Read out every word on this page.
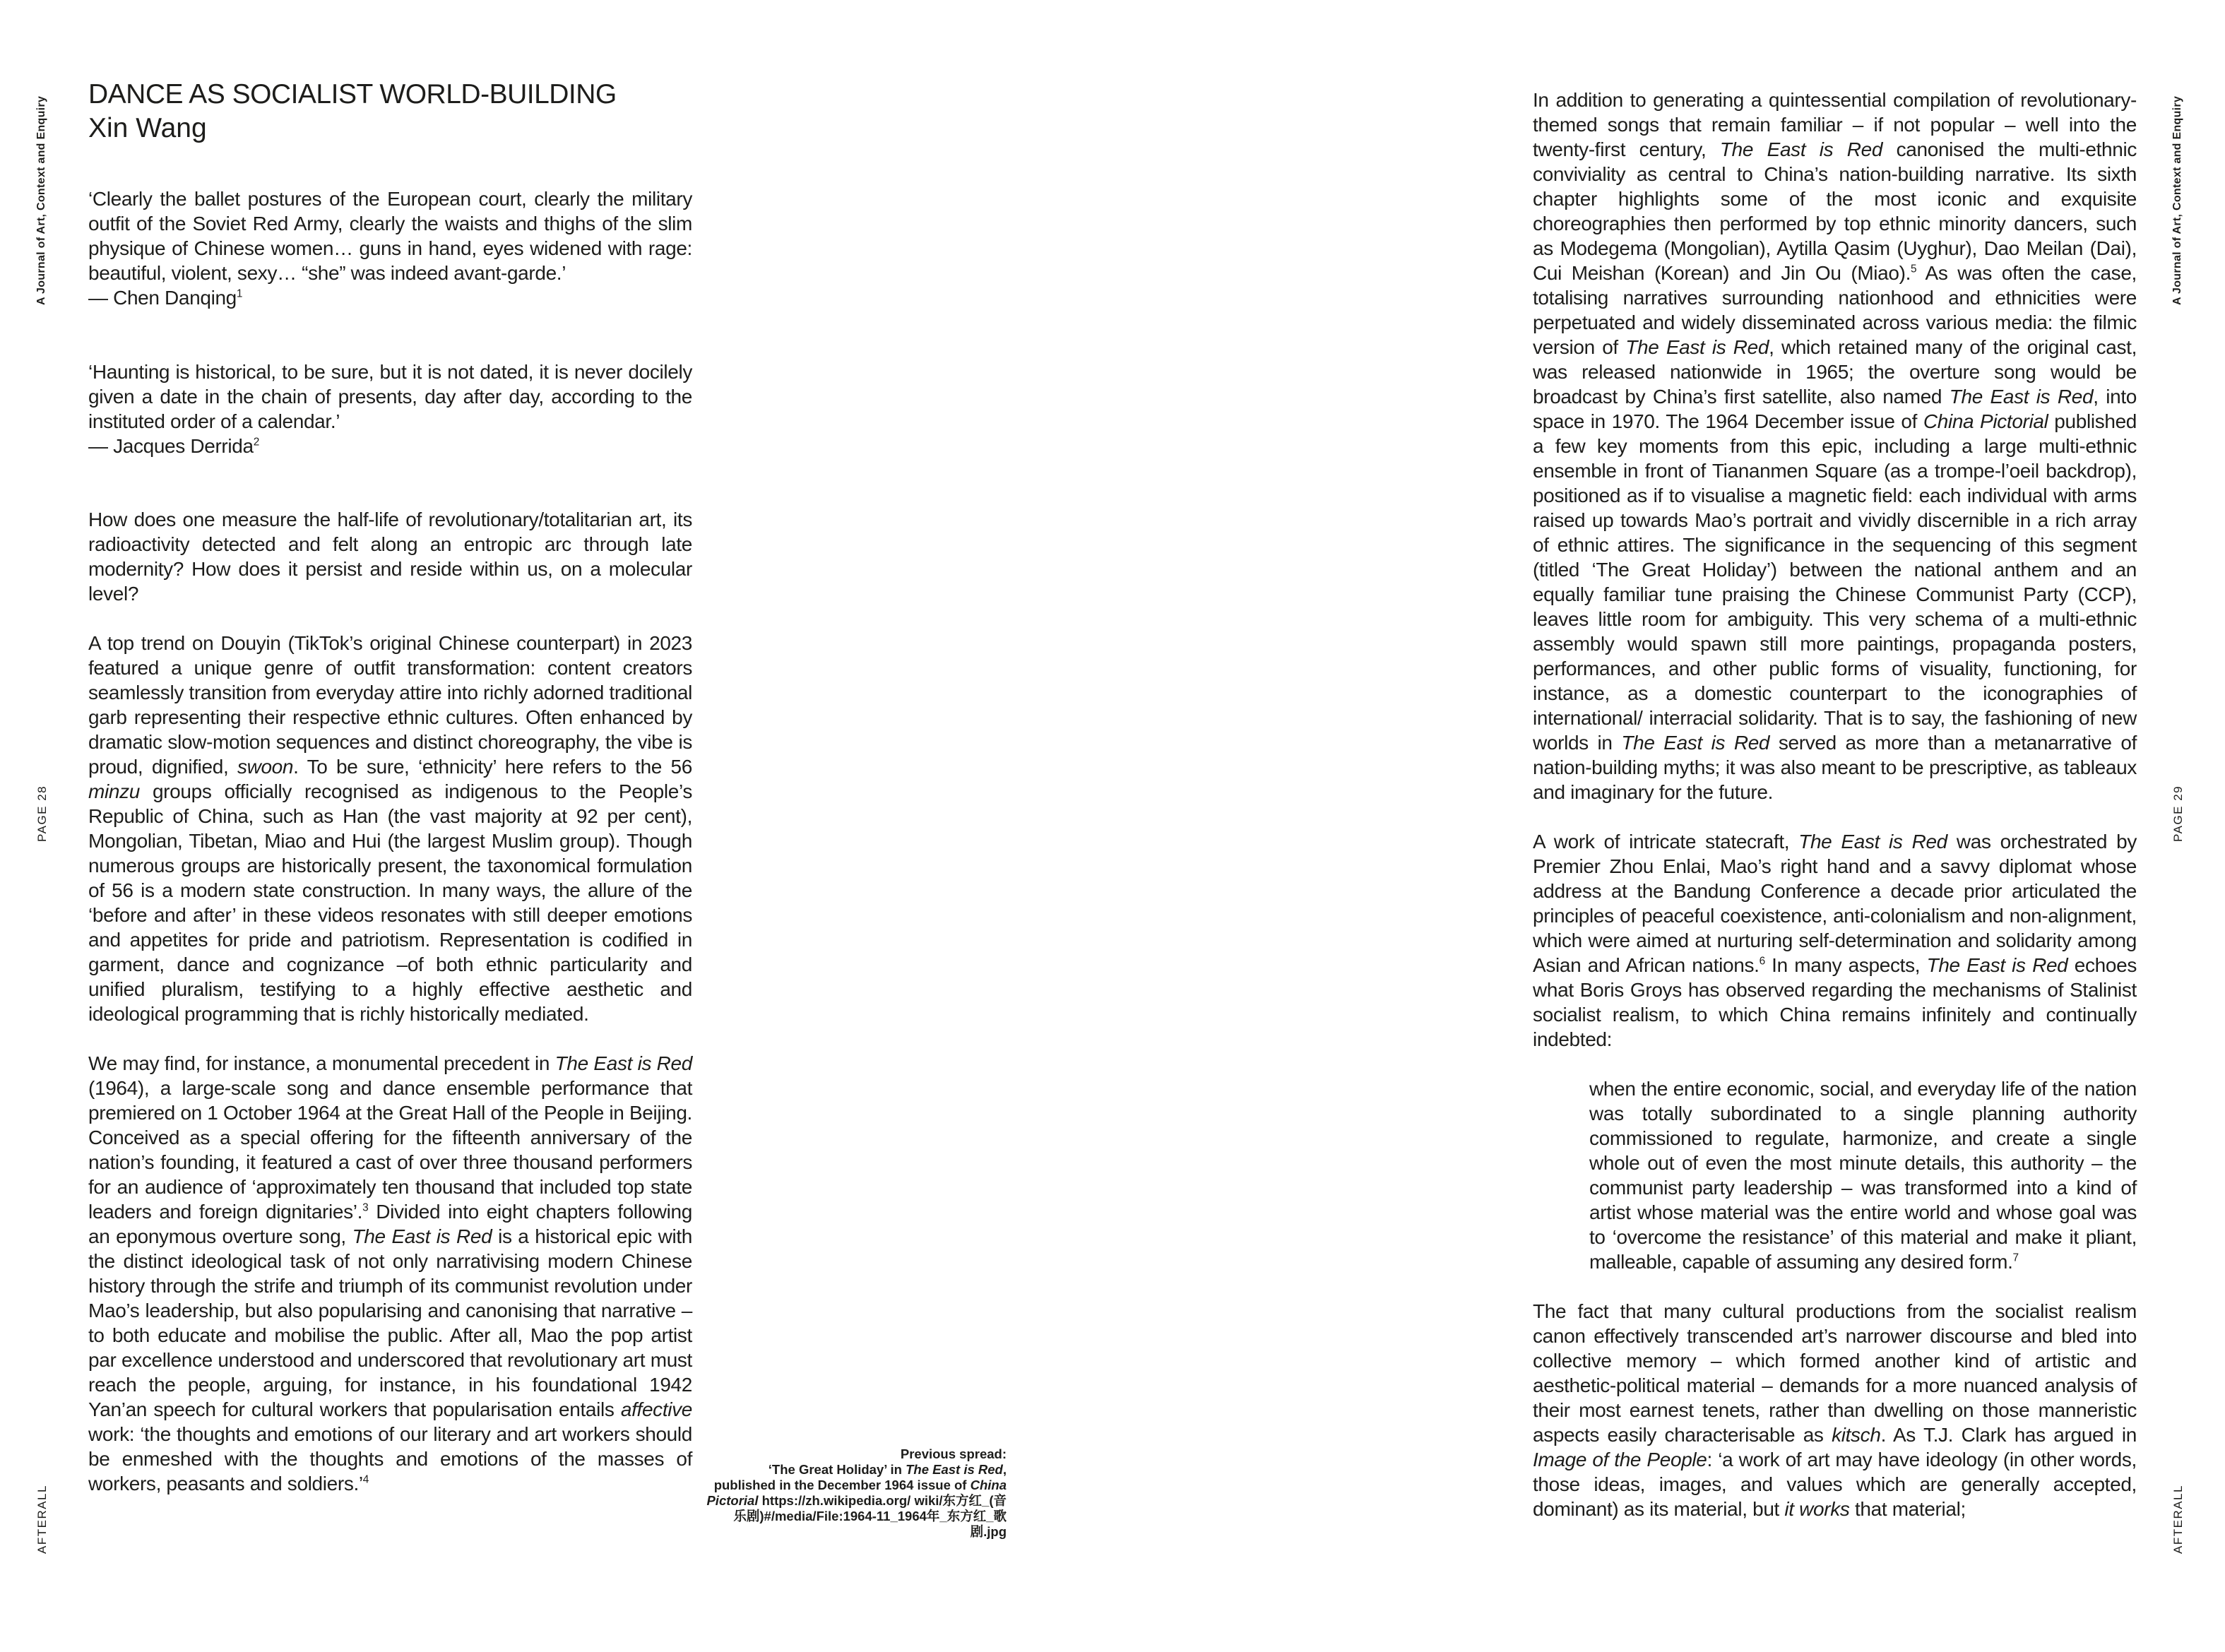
A Journal of Art, Context and Enquiry
PAGE 28
AFTERALL
A Journal of Art, Context and Enquiry
PAGE 29
AFTERALL
DANCE AS SOCIALIST WORLD-BUILDING
Xin Wang

‘Clearly the ballet postures of the European court, clearly the military outfit of the Soviet Red Army, clearly the waists and thighs of the slim physique of Chinese women… guns in hand, eyes widened with rage: beautiful, violent, sexy… “she” was indeed avant-garde.’
— Chen Danqing$^1$

‘Haunting is historical, to be sure, but it is not dated, it is never docilely given a date in the chain of presents, day after day, according to the instituted order of a calendar.’
— Jacques Derrida$^2$

How does one measure the half-life of revolutionary/totalitarian art, its radioactivity detected and felt along an entropic arc through late modernity? How does it persist and reside within us, on a molecular level?

A top trend on Douyin (TikTok’s original Chinese counterpart) in 2023 featured a unique genre of outfit transformation: content creators seamlessly transition from everyday attire into richly adorned traditional garb representing their respective ethnic cultures. Often enhanced by dramatic slow-motion sequences and distinct choreography, the vibe is proud, dignified, swoon. To be sure, ‘ethnicity’ here refers to the 56 minzu groups officially recognised as indigenous to the People’s Republic of China, such as Han (the vast majority at 92 per cent), Mongolian, Tibetan, Miao and Hui (the largest Muslim group). Though numerous groups are historically present, the taxonomical formulation of 56 is a modern state construction. In many ways, the allure of the ‘before and after’ in these videos resonates with still deeper emotions and appetites for pride and patriotism. Representation is codified in garment, dance and cognizance –of both ethnic particularity and unified pluralism, testifying to a highly effective aesthetic and ideological programming that is richly historically mediated.

We may find, for instance, a monumental precedent in The East is Red (1964), a large-scale song and dance ensemble performance that premiered on 1 October 1964 at the Great Hall of the People in Beijing. Conceived as a special offering for the fifteenth anniversary of the nation’s founding, it featured a cast of over three thousand performers for an audience of ‘approximately ten thousand that included top state leaders and foreign dignitaries’.$^3$ Divided into eight chapters following an eponymous overture song, The East is Red is a historical epic with the distinct ideological task of not only narrativising modern Chinese history through the strife and triumph of its communist revolution under Mao’s leadership, but also popularising and canonising that narrative – to both educate and mobilise the public. After all, Mao the pop artist par excellence understood and underscored that revolutionary art must reach the people, arguing, for instance, in his foundational 1942 Yan’an speech for cultural workers that popularisation entails affective work: ‘the thoughts and emotions of our literary and art workers should be enmeshed with the thoughts and emotions of the masses of workers, peasants and soldiers.’$^4$

In addition to generating a quintessential compilation of revolutionary-themed songs that remain familiar – if not popular – well into the twenty-first century, The East is Red canonised the multi-ethnic conviviality as central to China’s nation-building narrative. Its sixth chapter highlights some of the most iconic and exquisite choreographies then performed by top ethnic minority dancers, such as Modegema (Mongolian), Aytilla Qasim (Uyghur), Dao Meilan (Dai), Cui Meishan (Korean) and Jin Ou (Miao).$^5$ As was often the case, totalising narratives surrounding nationhood and ethnicities were perpetuated and widely disseminated across various media: the filmic version of The East is Red, which retained many of the original cast, was released nationwide in 1965; the overture song would be broadcast by China’s first satellite, also named The East is Red, into space in 1970. The 1964 December issue of China Pictorial published a few key moments from this epic, including a large multi-ethnic ensemble in front of Tiananmen Square (as a trompe-l’oeil backdrop), positioned as if to visualise a magnetic field: each individual with arms raised up towards Mao’s portrait and vividly discernible in a rich array of ethnic attires. The significance in the sequencing of this segment (titled ‘The Great Holiday’) between the national anthem and an equally familiar tune praising the Chinese Communist Party (CCP), leaves little room for ambiguity. This very schema of a multi-ethnic assembly would spawn still more paintings, propaganda posters, performances, and other public forms of visuality, functioning, for instance, as a domestic counterpart to the iconographies of international/ interracial solidarity. That is to say, the fashioning of new worlds in The East is Red served as more than a metanarrative of nation-building myths; it was also meant to be prescriptive, as tableaux and imaginary for the future.

A work of intricate statecraft, The East is Red was orchestrated by Premier Zhou Enlai, Mao’s right hand and a savvy diplomat whose address at the Bandung Conference a decade prior articulated the principles of peaceful coexistence, anti-colonialism and non-alignment, which were aimed at nurturing self-determination and solidarity among Asian and African nations.$^6$ In many aspects, The East is Red echoes what Boris Groys has observed regarding the mechanisms of Stalinist socialist realism, to which China remains infinitely and continually indebted:

when the entire economic, social, and everyday life of the nation was totally subordinated to a single planning authority commissioned to regulate, harmonize, and create a single whole out of even the most minute details, this authority – the communist party leadership – was transformed into a kind of artist whose material was the entire world and whose goal was to ‘overcome the resistance’ of this material and make it pliant, malleable, capable of assuming any desired form.$^7$

The fact that many cultural productions from the socialist realism canon effectively transcended art’s narrower discourse and bled into collective memory – which formed another kind of artistic and aesthetic-political material – demands for a more nuanced analysis of their most earnest tenets, rather than dwelling on those manneristic aspects easily characterisable as kitsch. As T.J. Clark has argued in Image of the People: ‘a work of art may have ideology (in other words, those ideas, images, and values which are generally accepted, dominant) as its material, but it works that material;

Previous spread:
‘The Great Holiday’ in The East is Red, published in the December 1964 issue of China Pictorial https://zh.wikipedia.org/ wiki/东方红_(音乐剧)#/media/File:1964-11_1964年_东方红_歌剧.jpg
